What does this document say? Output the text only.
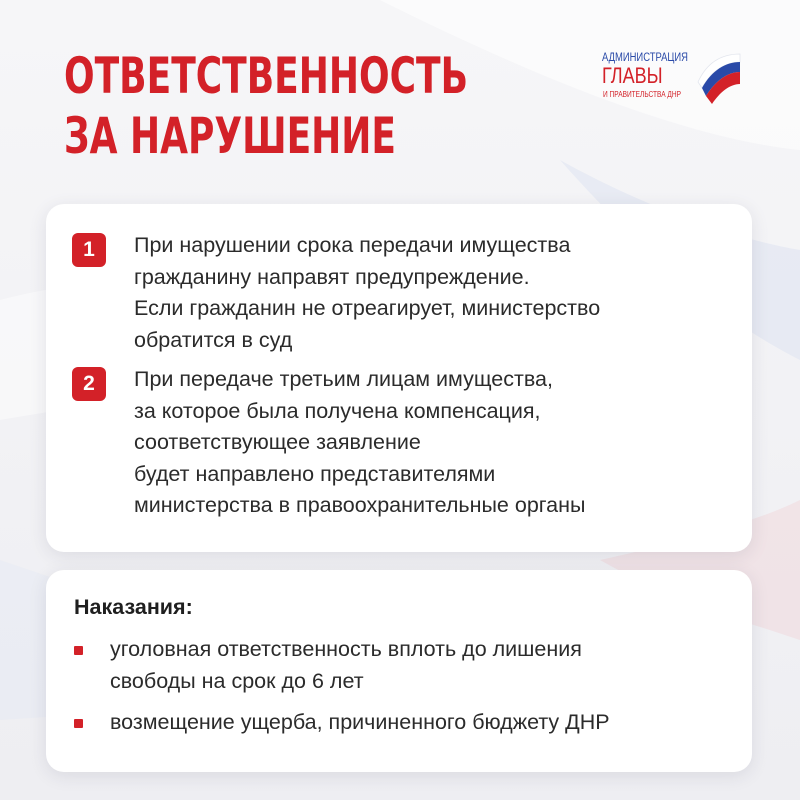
ОТВЕТСТВЕННОСТЬ
ЗА НАРУШЕНИЕ
АДМИНИСТРАЦИЯ
ГЛАВЫ
И ПРАВИТЕЛЬСТВА ДНР
1	При нарушении срока передачи имущества
гражданину направят предупреждение.
Если гражданин не отреагирует, министерство
обратится в суд
2	При передаче третьим лицам имущества,
за которое была получена компенсация,
соответствующее заявление
будет направлено представителями
министерства в правоохранительные органы
Наказания:
уголовная ответственность вплоть до лишения
свободы на срок до 6 лет
возмещение ущерба, причиненного бюджету ДНР
